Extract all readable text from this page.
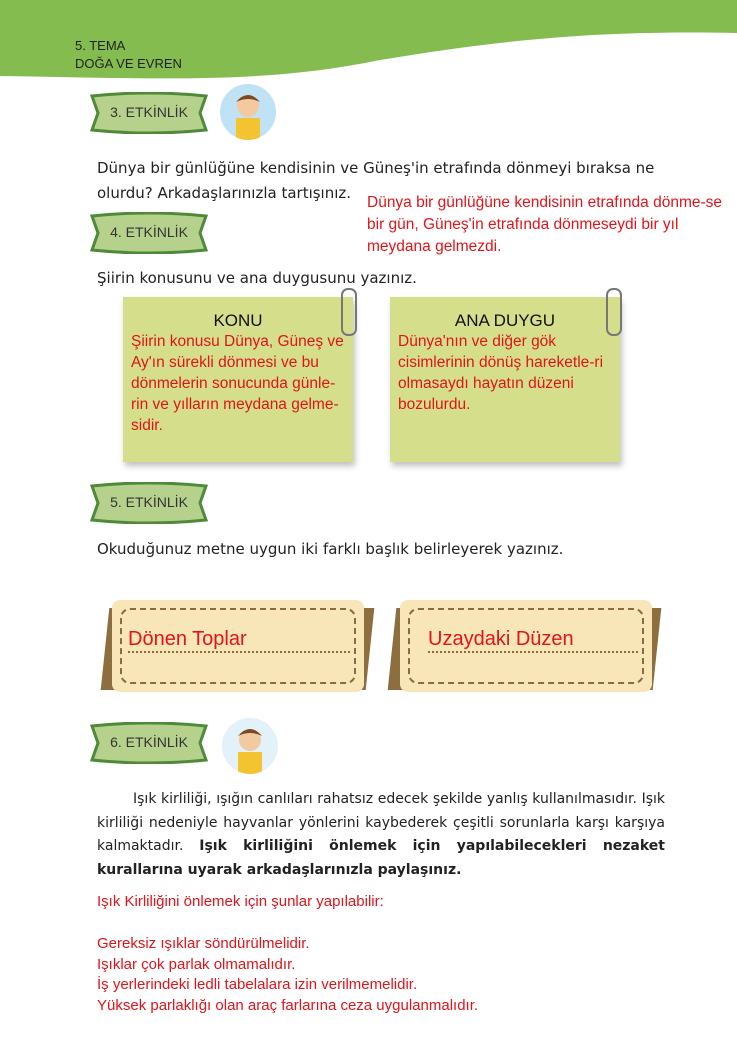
5. TEMA
DOĞA VE EVREN
3. ETKİNLİK
Dünya bir günlüğüne kendisinin ve Güneş'in etrafında dönmeyi bıraksa ne olurdu? Arkadaşlarınızla tartışınız.
Dünya bir günlüğüne kendisinin etrafında dönme-se bir gün, Güneş'in etrafında dönmeseydi bir yıl meydana gelmezdi.
4. ETKİNLİK
Şiirin konusunu ve ana duygusunu yazınız.
KONU
Şiirin konusu Dünya, Güneş ve Ay'ın sürekli dönmesi ve bu dönmelerin sonucunda günle-rin ve yılların meydana gelme-sidir.
ANA DUYGU
Dünya'nın ve diğer gök cisimlerinin dönüş hareketle-ri olmasaydı hayatın düzeni bozulurdu.
5. ETKİNLİK
Okuduğunuz metne uygun iki farklı başlık belirleyerek yazınız.
Dönen Toplar	Uzaydaki Düzen
6. ETKİNLİK
Işık kirliliği, ışığın canlıları rahatsız edecek şekilde yanlış kullanılmasıdır. Işık kirliliği nedeniyle hayvanlar yönlerini kaybederek çeşitli sorunlarla karşı karşıya kalmaktadır. Işık kirliliğini önlemek için yapılabilecekleri nezaket kurallarına uyarak arkadaşlarınızla paylaşınız.
Işık Kirliliğini önlemek için şunlar yapılabilir:
Gereksiz ışıklar söndürülmelidir.
Işıklar çok parlak olmamalıdır.
İş yerlerindeki ledli tabelalara izin verilmemelidir.
Yüksek parlaklığı olan araç farlarına ceza uygulanmalıdır.
